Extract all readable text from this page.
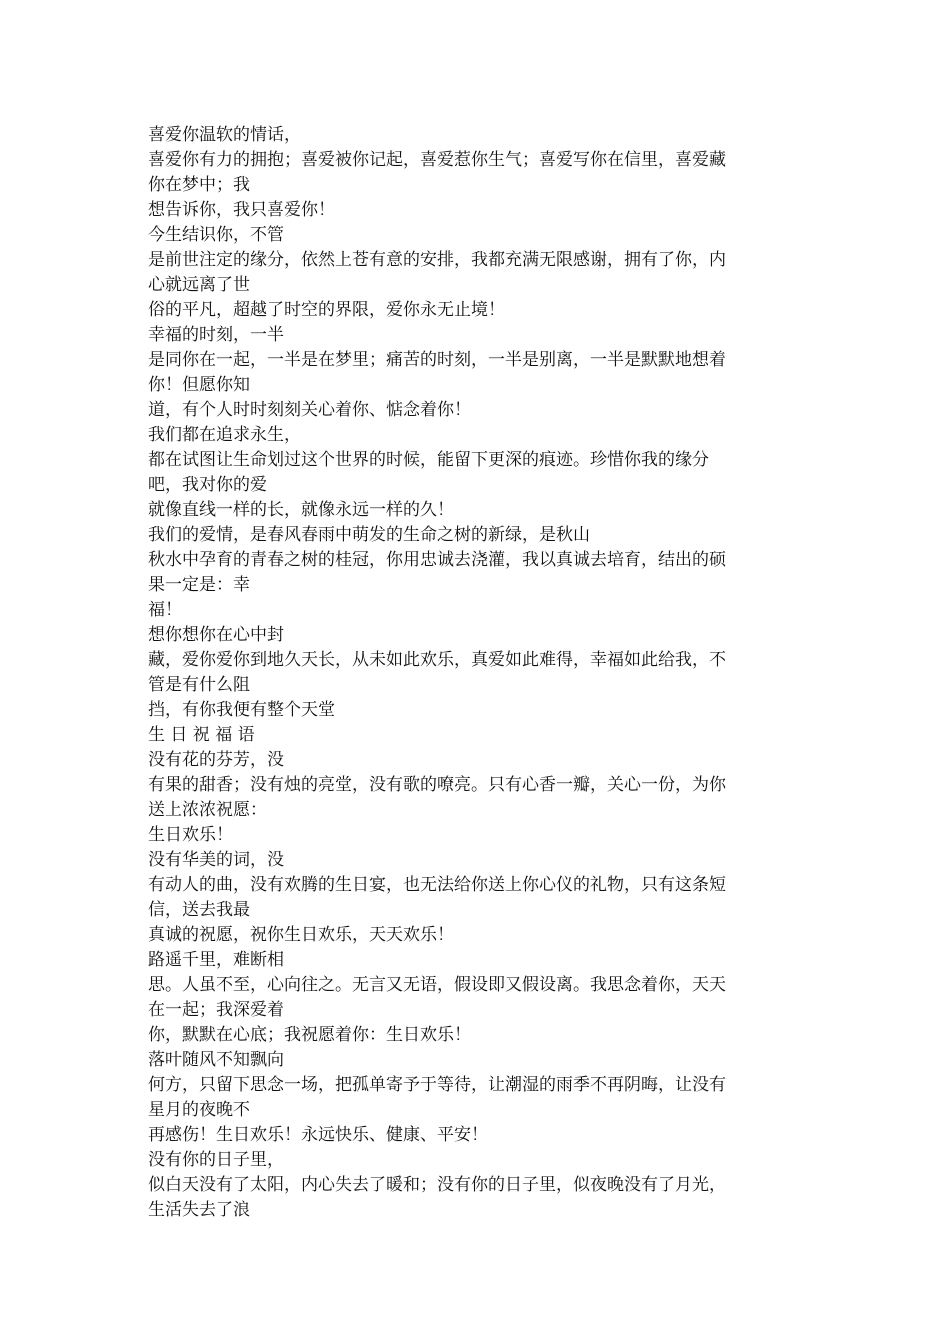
喜爱你温软的情话，
喜爱你有力的拥抱；喜爱被你记起，喜爱惹你生气；喜爱写你在信里，喜爱藏
你在梦中；我
想告诉你，我只喜爱你！
今生结识你，不管
是前世注定的缘分，依然上苍有意的安排，我都充满无限感谢，拥有了你，内
心就远离了世
俗的平凡，超越了时空的界限，爱你永无止境！
幸福的时刻，一半
是同你在一起，一半是在梦里；痛苦的时刻，一半是别离，一半是默默地想着
你！但愿你知
道，有个人时时刻刻关心着你、惦念着你！
我们都在追求永生，
都在试图让生命划过这个世界的时候，能留下更深的痕迹。珍惜你我的缘分
吧，我对你的爱
就像直线一样的长，就像永远一样的久！
我们的爱情，是春风春雨中萌发的生命之树的新绿，是秋山
秋水中孕育的青春之树的桂冠，你用忠诚去浇灌，我以真诚去培育，结出的硕
果一定是：幸
福！
想你想你在心中封
藏，爱你爱你到地久天长，从未如此欢乐，真爱如此难得，幸福如此给我，不
管是有什么阻
挡，有你我便有整个天堂
生 日 祝 福 语
没有花的芬芳，没
有果的甜香；没有烛的亮堂，没有歌的嘹亮。只有心香一瓣，关心一份，为你
送上浓浓祝愿：
生日欢乐！
没有华美的词，没
有动人的曲，没有欢腾的生日宴，也无法给你送上你心仪的礼物，只有这条短
信，送去我最
真诚的祝愿，祝你生日欢乐，天天欢乐！
路遥千里，难断相
思。人虽不至，心向往之。无言又无语，假设即又假设离。我思念着你，天天
在一起；我深爱着
你，默默在心底；我祝愿着你：生日欢乐！
落叶随风不知飘向
何方，只留下思念一场，把孤单寄予于等待，让潮湿的雨季不再阴晦，让没有
星月的夜晚不
再感伤！生日欢乐！永远快乐、健康、平安！
没有你的日子里，
似白天没有了太阳，内心失去了暖和；没有你的日子里，似夜晚没有了月光，
生活失去了浪
